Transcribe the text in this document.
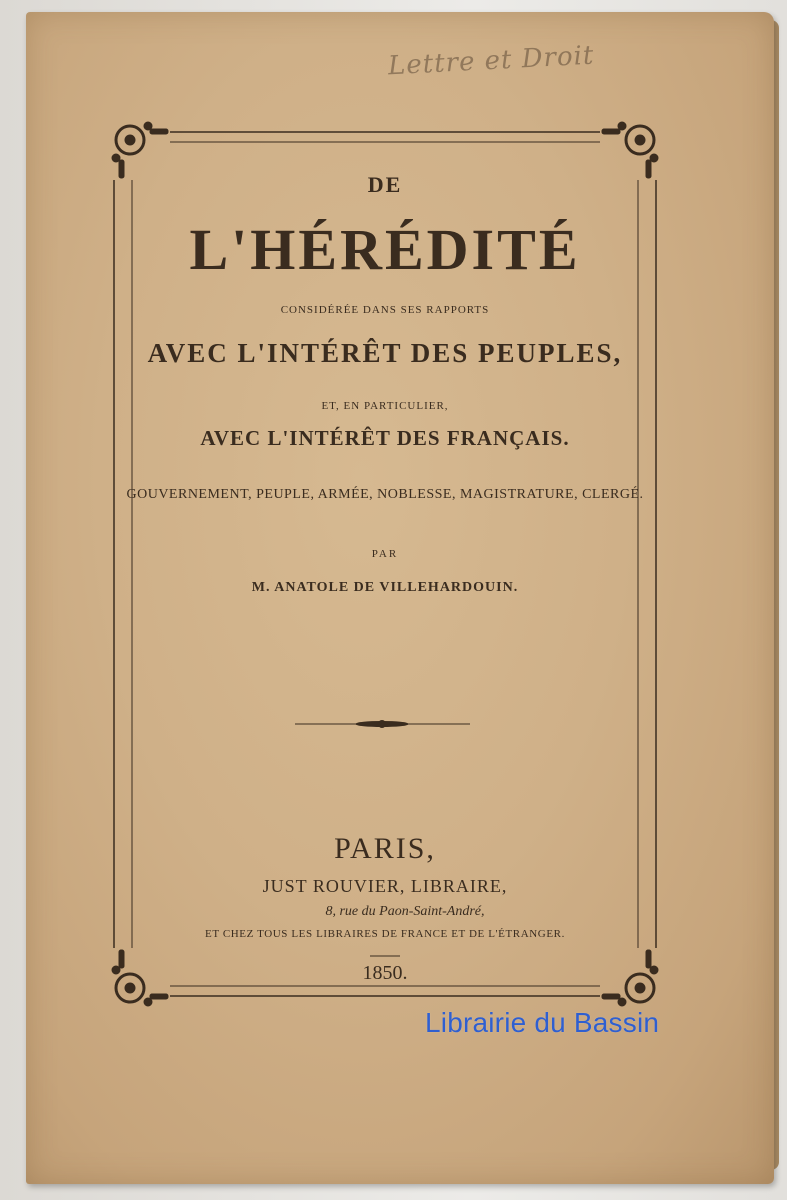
Lettre et Droit
DE
L'HÉRÉDITÉ
CONSIDÉRÉE DANS SES RAPPORTS
AVEC L'INTÉRÊT DES PEUPLES,
ET, EN PARTICULIER,
AVEC L'INTÉRÊT DES FRANÇAIS.
GOUVERNEMENT, PEUPLE, ARMÉE, NOBLESSE, MAGISTRATURE, CLERGÉ.
PAR
M. ANATOLE DE VILLEHARDOUIN.
PARIS,
JUST ROUVIER, LIBRAIRE,
8, rue du Paon-Saint-André,
ET CHEZ TOUS LES LIBRAIRES DE FRANCE ET DE L'ÉTRANGER.
1850.
Librairie du Bassin
